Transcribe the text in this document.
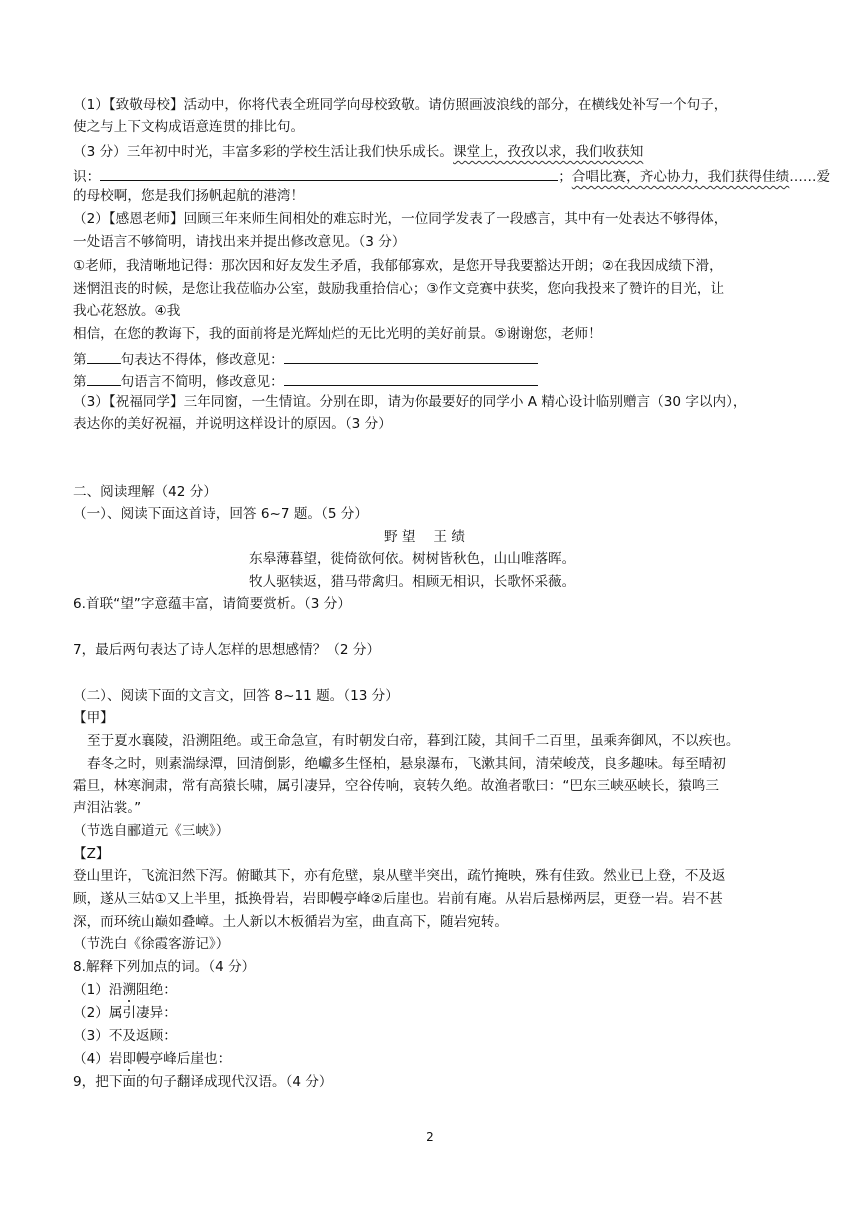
（1）【致敬母校】活动中，你将代表全班同学向母校致敬。请仿照画波浪线的部分，在横线处补写一个句子，
使之与上下文构成语意连贯的排比句。
（3 分）三年初中时光，丰富多彩的学校生活让我们快乐成长。课堂上，孜孜以求，我们收获知
识：	；合唱比赛，齐心协力，我们获得佳绩……爱
的母校啊，您是我们扬帆起航的港湾！
（2）【感恩老师】回顾三年来师生间相处的难忘时光，一位同学发表了一段感言，其中有一处表达不够得体，
一处语言不够简明，请找出来并提出修改意见。（3 分）
①老师，我清晰地记得：那次因和好友发生矛盾，我郁郁寡欢，是您开导我要豁达开朗；②在我因成绩下滑，
迷惘沮丧的时候，是您让我莅临办公室，鼓励我重拾信心；③作文竞赛中获奖，您向我投来了赞许的目光，让
我心花怒放。④我
相信，在您的教诲下，我的面前将是光辉灿烂的无比光明的美好前景。⑤谢谢您，老师！
第	句表达不得体，修改意见：
第	句语言不简明，修改意见：
（3）【祝福同学】三年同窗，一生情谊。分别在即，请为你最要好的同学小 A 精心设计临别赠言（30 字以内），
表达你的美好祝福，并说明这样设计的原因。（3 分）
二、阅读理解（42 分）
（一）、阅读下面这首诗，回答 6~7 题。（5 分）
野 望　 王 绩
东皋薄暮望，徙倚欲何依。树树皆秋色，山山唯落晖。
牧人驱犊返，猎马带禽归。相顾无相识，长歌怀采薇。
6.首联“望”字意蕴丰富，请简要赏析。（3 分）
7，最后两句表达了诗人怎样的思想感情？（2 分）
（二）、阅读下面的文言文，回答 8~11 题。（13 分）
【甲】
至于夏水襄陵，沿溯阻绝。或王命急宣，有时朝发白帝，暮到江陵，其间千二百里，虽乘奔御风，不以疾也。
春冬之时，则素湍绿潭，回清倒影，绝巘多生怪柏，悬泉瀑布，飞漱其间，清荣峻茂，良多趣味。每至晴初
霜旦，林寒涧肃，常有高猿长啸，属引凄异，空谷传响，哀转久绝。故渔者歌曰：“巴东三峡巫峡长，猿鸣三
声泪沾裳。”
（节选自郦道元《三峡》）
【Z】
登山里许，飞流汩然下泻。俯瞰其下，亦有危壁，泉从壁半突出，疏竹掩映，殊有佳致。然业已上登，不及返
顾，遂从三姑①又上半里，抵换骨岩，岩即幔亭峰②后崖也。岩前有庵。从岩后悬梯两层，更登一岩。岩不甚
深，而环统山巅如叠嶂。土人新以木板循岩为室，曲直高下，随岩宛转。
（节洗白《徐霞客游记》）
8.解释下列加点的词。（4 分）
（1）沿溯阻绝：
（2）属引凄异：
（3）不及返顾：
（4）岩即幔亭峰后崖也：
9，把下面的句子翻译成现代汉语。（4 分）
2
